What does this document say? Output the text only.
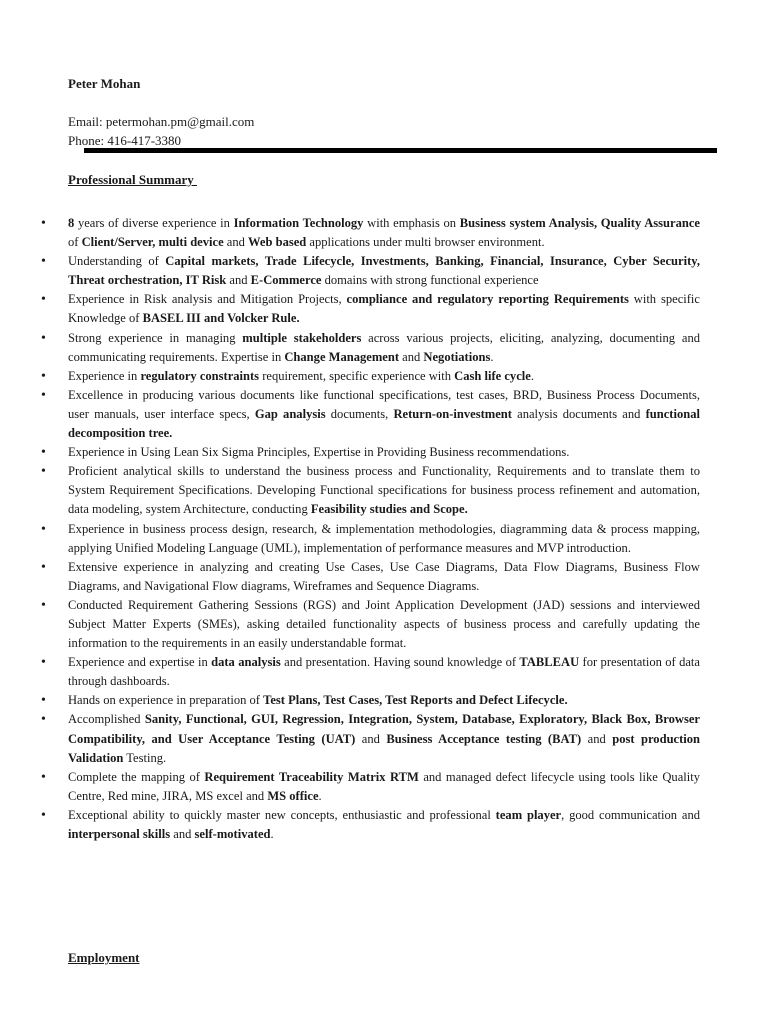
Peter Mohan
Email: petermohan.pm@gmail.com
Phone: 416-417-3380
Professional Summary
• 8 years of diverse experience in Information Technology with emphasis on Business system Analysis, Quality Assurance of Client/Server, multi device and Web based applications under multi browser environment.
• Understanding of Capital markets, Trade Lifecycle, Investments, Banking, Financial, Insurance, Cyber Security, Threat orchestration, IT Risk and E-Commerce domains with strong functional experience
• Experience in Risk analysis and Mitigation Projects, compliance and regulatory reporting Requirements with specific Knowledge of BASEL III and Volcker Rule.
• Strong experience in managing multiple stakeholders across various projects, eliciting, analyzing, documenting and communicating requirements. Expertise in Change Management and Negotiations.
• Experience in regulatory constraints requirement, specific experience with Cash life cycle.
• Excellence in producing various documents like functional specifications, test cases, BRD, Business Process Documents, user manuals, user interface specs, Gap analysis documents, Return-on-investment analysis documents and functional decomposition tree.
• Experience in Using Lean Six Sigma Principles, Expertise in Providing Business recommendations.
• Proficient analytical skills to understand the business process and Functionality, Requirements and to translate them to System Requirement Specifications. Developing Functional specifications for business process refinement and automation, data modeling, system Architecture, conducting Feasibility studies and Scope.
• Experience in business process design, research, & implementation methodologies, diagramming data & process mapping, applying Unified Modeling Language (UML), implementation of performance measures and MVP introduction.
• Extensive experience in analyzing and creating Use Cases, Use Case Diagrams, Data Flow Diagrams, Business Flow Diagrams, and Navigational Flow diagrams, Wireframes and Sequence Diagrams.
• Conducted Requirement Gathering Sessions (RGS) and Joint Application Development (JAD) sessions and interviewed Subject Matter Experts (SMEs), asking detailed functionality aspects of business process and carefully updating the information to the requirements in an easily understandable format.
• Experience and expertise in data analysis and presentation. Having sound knowledge of TABLEAU for presentation of data through dashboards.
• Hands on experience in preparation of Test Plans, Test Cases, Test Reports and Defect Lifecycle.
• Accomplished Sanity, Functional, GUI, Regression, Integration, System, Database, Exploratory, Black Box, Browser Compatibility, and User Acceptance Testing (UAT) and Business Acceptance testing (BAT) and post production Validation Testing.
• Complete the mapping of Requirement Traceability Matrix RTM and managed defect lifecycle using tools like Quality Centre, Red mine, JIRA, MS excel and MS office.
• Exceptional ability to quickly master new concepts, enthusiastic and professional team player, good communication and interpersonal skills and self-motivated.
Employment
